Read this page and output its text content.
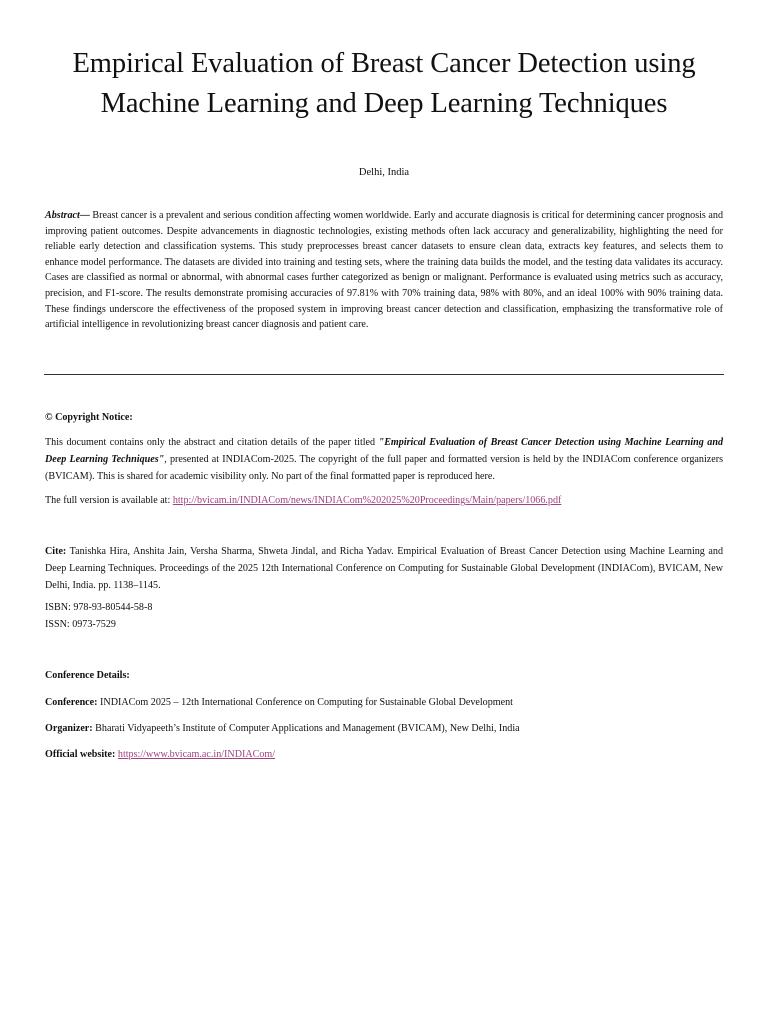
Empirical Evaluation of Breast Cancer Detection using
Machine Learning and Deep Learning Techniques
Delhi, India

Abstract— Breast cancer is a prevalent and serious condition affecting women worldwide. Early and accurate diagnosis is critical for determining cancer prognosis and improving patient outcomes. Despite advancements in diagnostic technologies, existing methods often lack accuracy and generalizability, highlighting the need for reliable early detection and classification systems. This study preprocesses breast cancer datasets to ensure clean data, extracts key features, and selects them to enhance model performance. The datasets are divided into training and testing sets, where the training data builds the model, and the testing data validates its accuracy. Cases are classified as normal or abnormal, with abnormal cases further categorized as benign or malignant. Performance is evaluated using metrics such as accuracy, precision, and F1-score. The results demonstrate promising accuracies of 97.81% with 70% training data, 98% with 80%, and an ideal 100% with 90% training data. These findings underscore the effectiveness of the proposed system in improving breast cancer detection and classification, emphasizing the transformative role of artificial intelligence in revolutionizing breast cancer diagnosis and patient care.

© Copyright Notice:

This document contains only the abstract and citation details of the paper titled "Empirical Evaluation of Breast Cancer Detection using Machine Learning and Deep Learning Techniques", presented at INDIACom-2025. The copyright of the full paper and formatted version is held by the INDIACom conference organizers (BVICAM). This is shared for academic visibility only. No part of the final formatted paper is reproduced here.

The full version is available at: http://bvicam.in/INDIACom/news/INDIACom%202025%20Proceedings/Main/papers/1066.pdf

Cite: Tanishka Hira, Anshita Jain, Versha Sharma, Shweta Jindal, and Richa Yadav. Empirical Evaluation of Breast Cancer Detection using Machine Learning and Deep Learning Techniques. Proceedings of the 2025 12th International Conference on Computing for Sustainable Global Development (INDIACom), BVICAM, New Delhi, India. pp. 1138–1145.

ISBN: 978-93-80544-58-8

ISSN: 0973-7529

Conference Details:

Conference: INDIACom 2025 – 12th International Conference on Computing for Sustainable Global Development

Organizer: Bharati Vidyapeeth’s Institute of Computer Applications and Management (BVICAM), New Delhi, India

Official website: https://www.bvicam.ac.in/INDIACom/
